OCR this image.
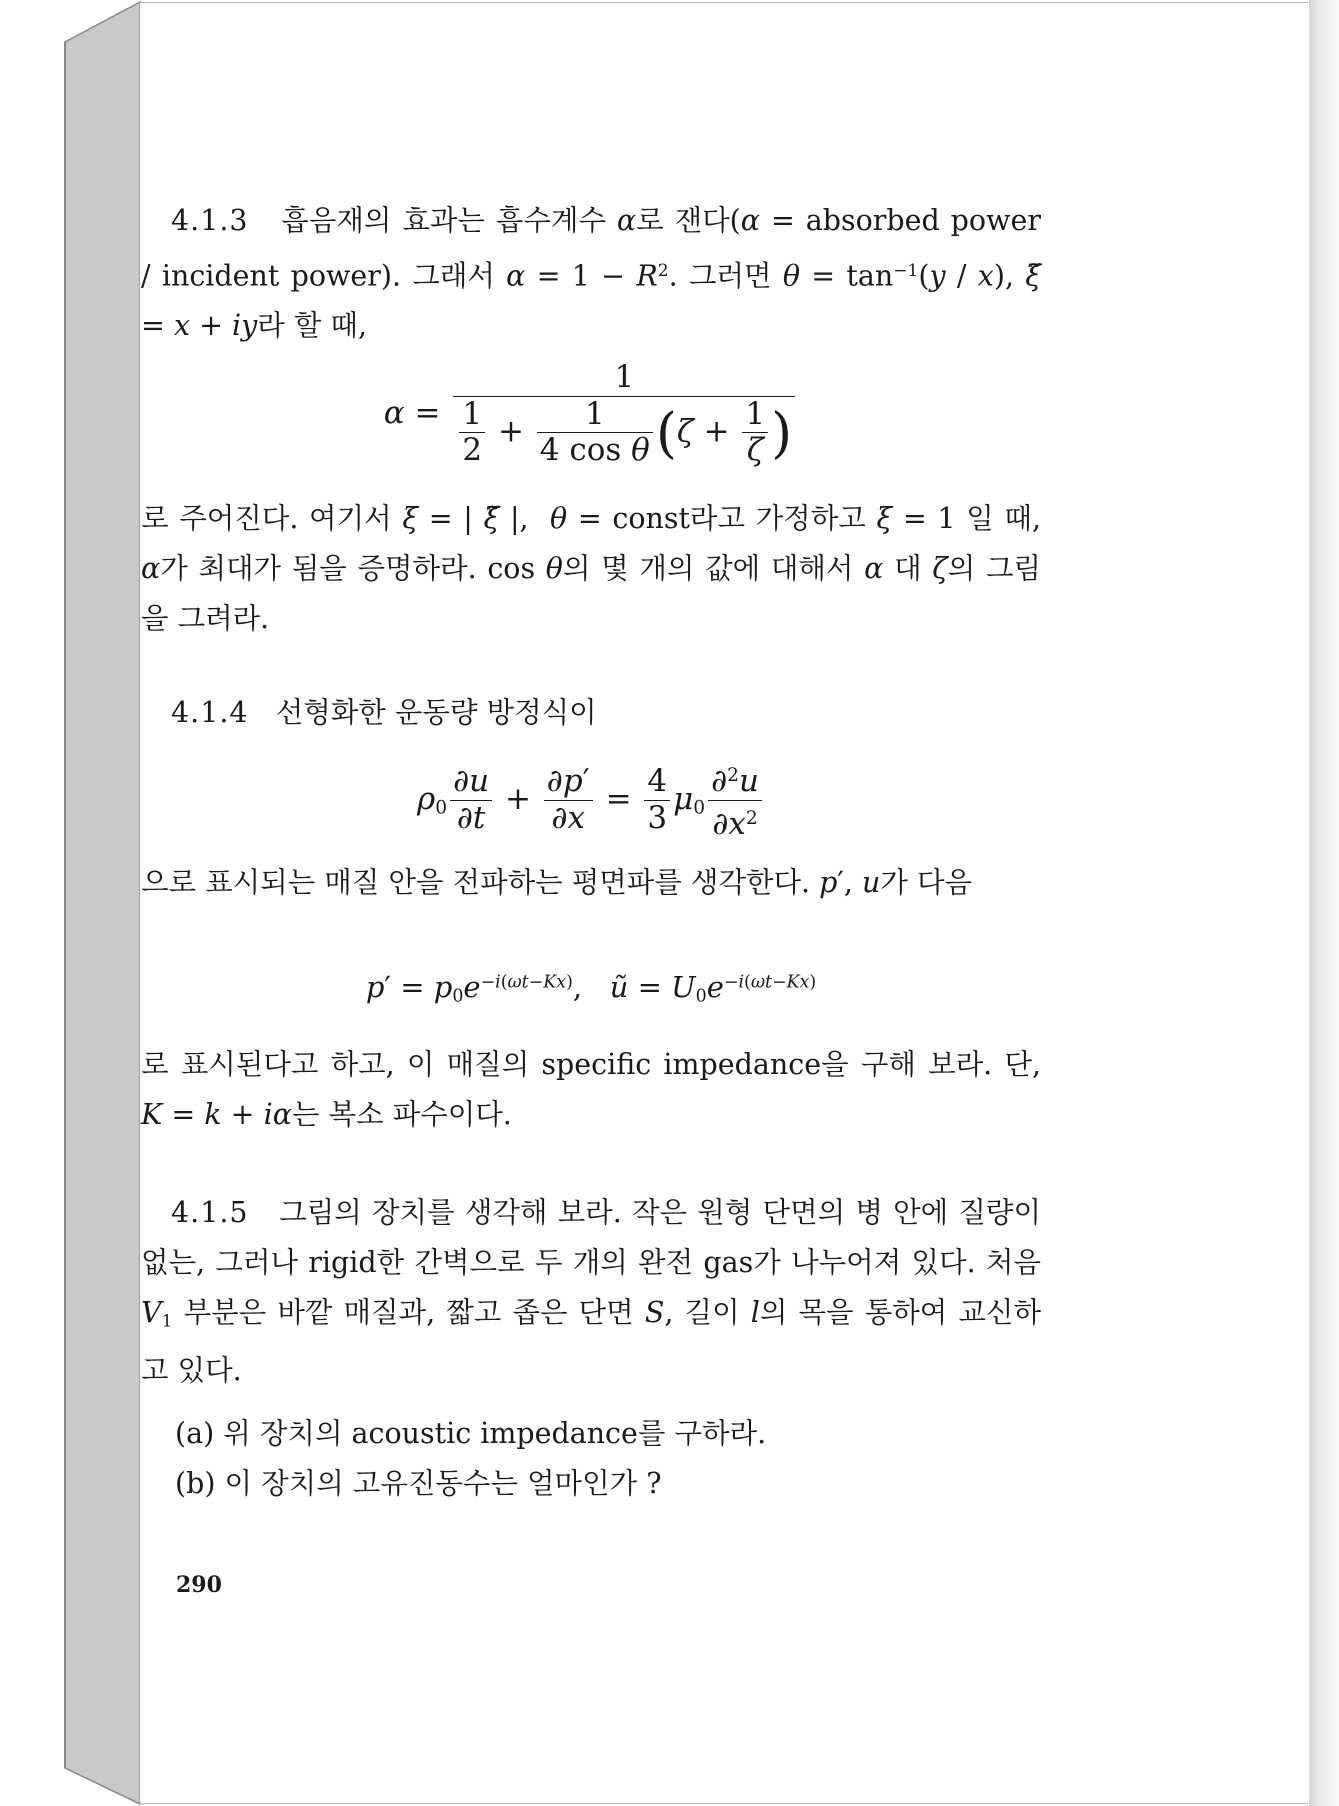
4.1.3 흡음재의 효과는 흡수계수 α로 잰다(α = absorbed power / incident power). 그래서 $\alpha = 1 - R^2$. 그러면 $\theta = \tan^{-1}(y / x)$, ξ̃ = x + iy라 할 때,

$\alpha = \frac{1}{\frac{1}{2} + \frac{1}{\text{4 cos θ}} (\zeta + \frac{1}{\zeta} )}$

로 주어진다. 여기서 ξ = | ξ̃ |,  θ = const라고 가정하고 ξ = 1 일 때, α가 최대가 됨을 증명하라. cos θ의 몇 개의 값에 대해서 α 대 ζ의 그림을 그려라.

4.1.4 선형화한 운동량 방정식이

$\rho_0 \frac{\partial u}{\partial t} + \frac{\partial p'}{\partial x} = \frac{4}{3} \mu_0 \frac{\partial^2u}{\partial x^2}$

으로 표시되는 매질 안을 전파하는 평면파를 생각한다. p′, u가 다음

$p' = p_0e^{-i(\omega t-Kx)}$,   ũ = $U_0e^{-i(\omega t-Kx)}$

로 표시된다고 하고, 이 매질의 specific impedance을 구해 보라. 단, K = k + iα는 복소 파수이다.

4.1.5 그림의 장치를 생각해 보라. 작은 원형 단면의 병 안에 질량이 없는, 그러나 rigid한 간벽으로 두 개의 완전 gas가 나누어져 있다. 처음 $V_1$ 부분은 바깥 매질과, 짧고 좁은 단면 S, 길이 l의 목을 통하여 교신하고 있다.

(a) 위 장치의 acoustic impedance를 구하라.
(b) 이 장치의 고유진동수는 얼마인가 ?
290
